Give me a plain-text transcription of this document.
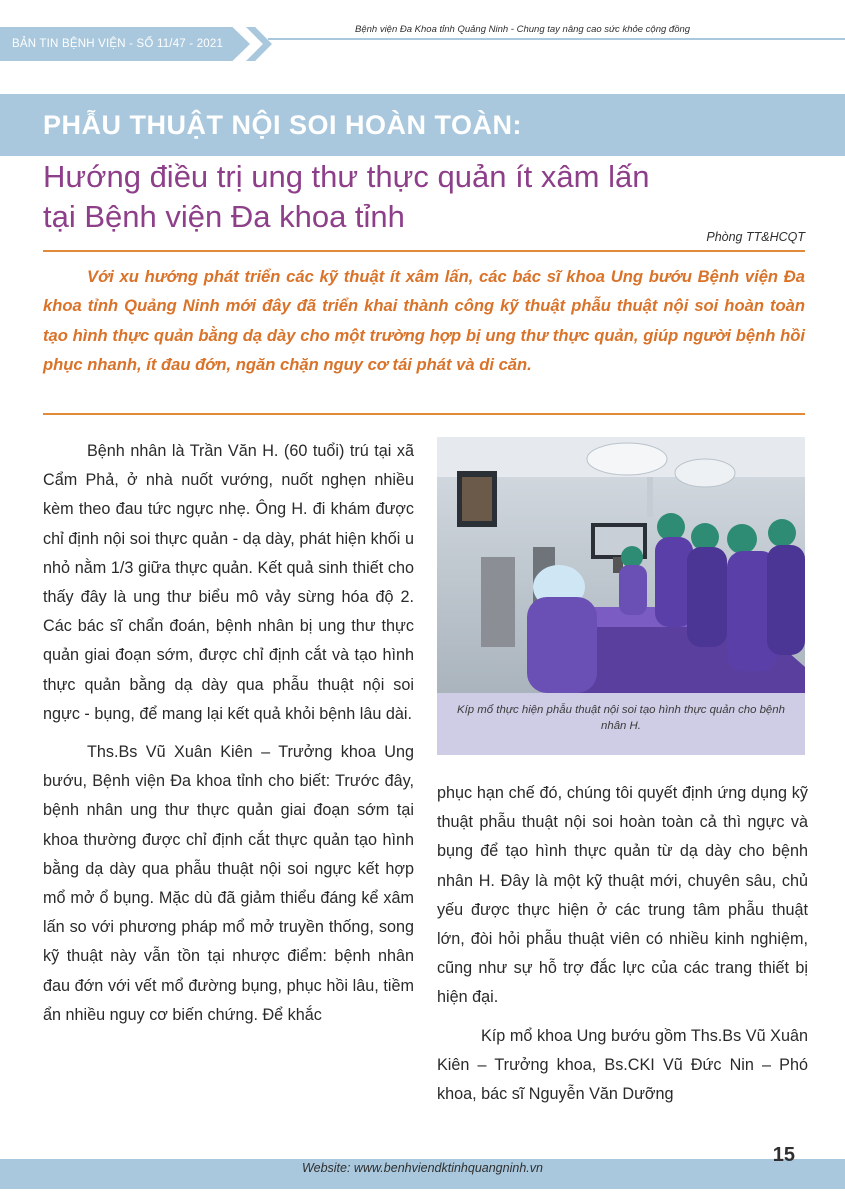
BẢN TIN BỆNH VIỆN - SỐ 11/47 - 2021
Bệnh viện Đa Khoa tỉnh Quảng Ninh - Chung tay nâng cao sức khỏe cộng đồng
PHẪU THUẬT NỘI SOI HOÀN TOÀN:
Hướng điều trị ung thư thực quản ít xâm lấn
tại Bệnh viện Đa khoa tỉnh
Phòng TT&HCQT
Với xu hướng phát triển các kỹ thuật ít xâm lấn, các bác sĩ khoa Ung bướu Bệnh viện Đa khoa tỉnh Quảng Ninh mới đây đã triển khai thành công kỹ thuật phẫu thuật nội soi hoàn toàn tạo hình thực quản bằng dạ dày cho một trường hợp bị ung thư thực quản, giúp người bệnh hồi phục nhanh, ít đau đớn, ngăn chặn nguy cơ tái phát và di căn.

Bệnh nhân là Trần Văn H. (60 tuổi) trú tại xã Cẩm Phả, ở nhà nuốt vướng, nuốt nghẹn nhiều kèm theo đau tức ngực nhẹ. Ông H. đi khám được chỉ định nội soi thực quản - dạ dày, phát hiện khối u nhỏ nằm 1/3 giữa thực quản. Kết quả sinh thiết cho thấy đây là ung thư biểu mô vảy sừng hóa độ 2. Các bác sĩ chẩn đoán, bệnh nhân bị ung thư thực quản giai đoạn sớm, được chỉ định cắt và tạo hình thực quản bằng dạ dày qua phẫu thuật nội soi ngực - bụng, để mang lại kết quả khỏi bệnh lâu dài.

Ths.Bs Vũ Xuân Kiên – Trưởng khoa Ung bướu, Bệnh viện Đa khoa tỉnh cho biết: Trước đây, bệnh nhân ung thư thực quản giai đoạn sớm tại khoa thường được chỉ định cắt thực quản tạo hình bằng dạ dày qua phẫu thuật nội soi ngực kết hợp mổ mở ổ bụng. Mặc dù đã giảm thiểu đáng kể xâm lấn so với phương pháp mổ mở truyền thống, song kỹ thuật này vẫn tồn tại nhược điểm: bệnh nhân đau đớn với vết mổ đường bụng, phục hồi lâu, tiềm ẩn nhiều nguy cơ biến chứng. Để khắc

Kíp mổ thực hiện phẫu thuật nội soi tạo hình thực quản cho bệnh nhân H.

phục hạn chế đó, chúng tôi quyết định ứng dụng kỹ thuật phẫu thuật nội soi hoàn toàn cả thì ngực và bụng để tạo hình thực quản từ dạ dày cho bệnh nhân H. Đây là một kỹ thuật mới, chuyên sâu, chủ yếu được thực hiện ở các trung tâm phẫu thuật lớn, đòi hỏi phẫu thuật viên có nhiều kinh nghiệm, cũng như sự hỗ trợ đắc lực của các trang thiết bị hiện đại.

Kíp mổ khoa Ung bướu gồm Ths.Bs Vũ Xuân Kiên – Trưởng khoa, Bs.CKI Vũ Đức Nin – Phó khoa, bác sĩ Nguyễn Văn Dưỡng

Website: www.benhviendktinhquangninh.vn
15
